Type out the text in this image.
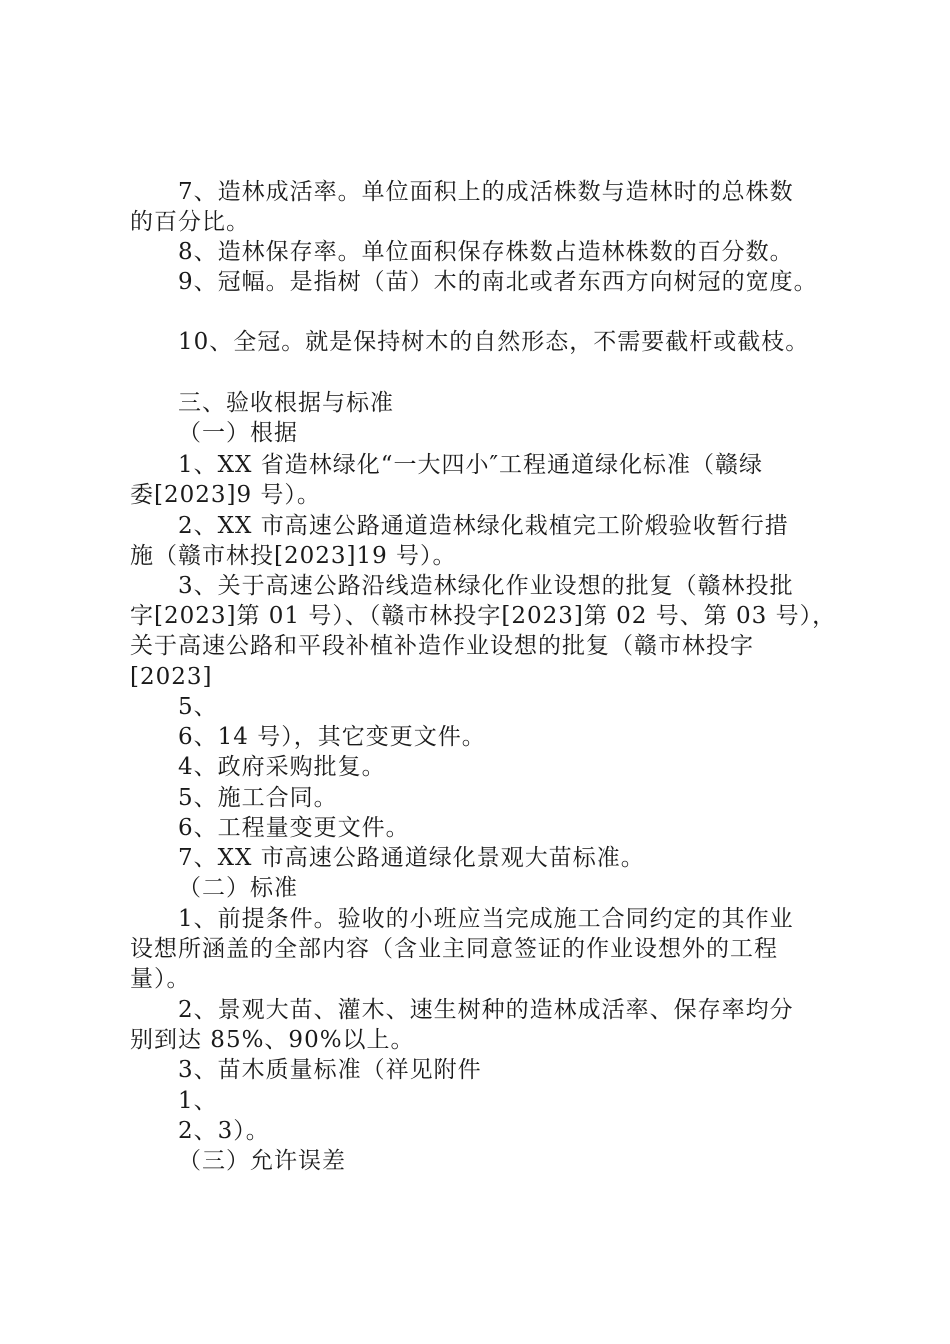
7、造林成活率。单位面积上的成活株数与造林时的总株数
的百分比。
8、造林保存率。单位面积保存株数占造林株数的百分数。
9、冠幅。是指树（苗）木的南北或者东西方向树冠的宽度。
10、全冠。就是保持树木的自然形态，不需要截杆或截枝。
三、验收根据与标准
（一）根据
1、XX 省造林绿化“一大四小″工程通道绿化标准（赣绿
委[2023]9 号）。
2、XX 市高速公路通道造林绿化栽植完工阶煅验收暂行措
施（赣市林投[2023]19 号）。
3、关于高速公路沿线造林绿化作业设想的批复（赣林投批
字[2023]第 01 号）、（赣市林投字[2023]第 02 号、第 03 号），
关于高速公路和平段补植补造作业设想的批复（赣市林投字
[2023]
5、
6、14 号），其它变更文件。
4、政府采购批复。
5、施工合同。
6、工程量变更文件。
7、XX 市高速公路通道绿化景观大苗标准。
（二）标准
1、前提条件。验收的小班应当完成施工合同约定的其作业
设想所涵盖的全部内容（含业主同意签证的作业设想外的工程
量）。
2、景观大苗、灌木、速生树种的造林成活率、保存率均分
别到达 85%、90%以上。
3、苗木质量标准（祥见附件
1、
2、3）。
（三）允许误差
